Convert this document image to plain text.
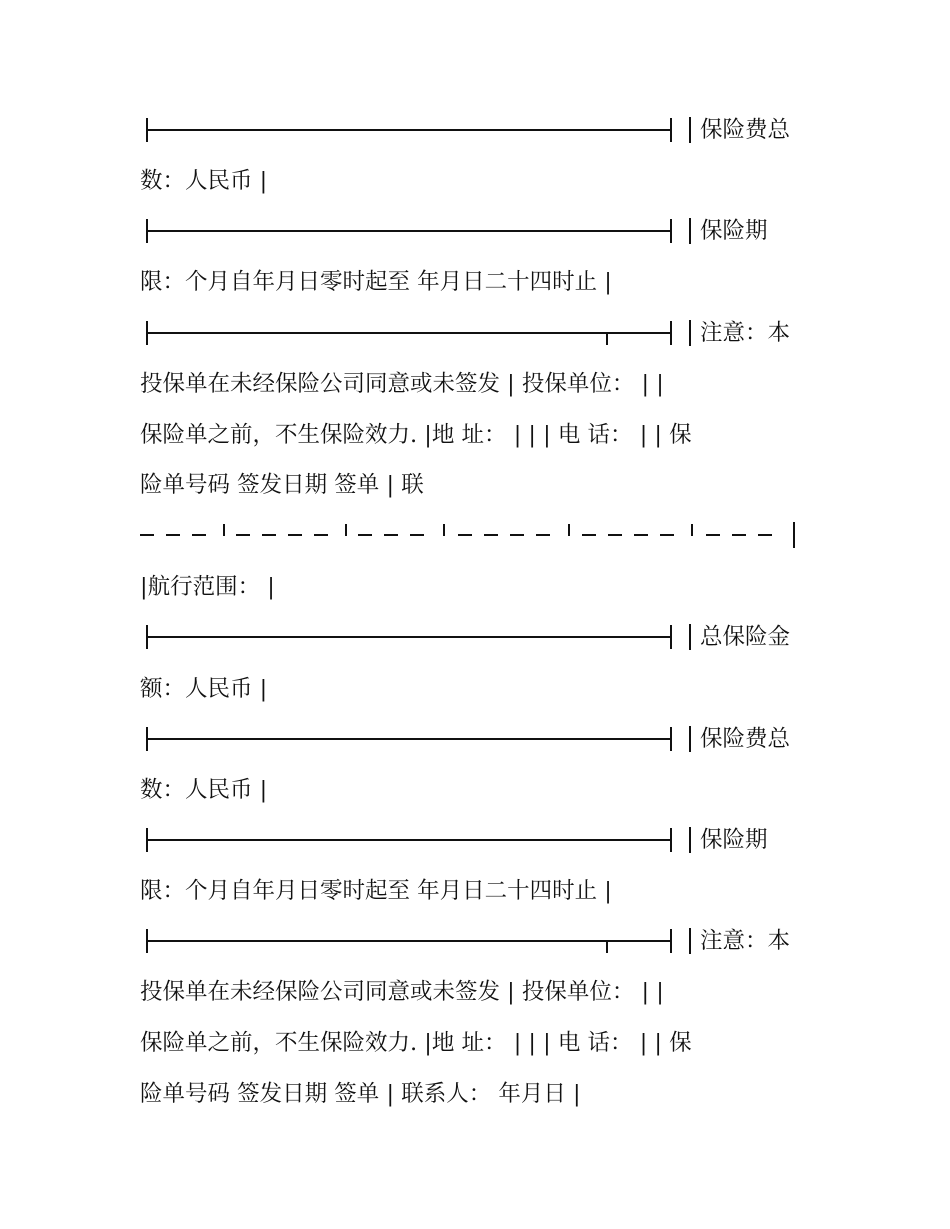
保险费总
数：人民币 |
保险期
限：个月自年月日零时起至 年月日二十四时止 |
注意：本
投保单在未经保险公司同意或未签发 | 投保单位： | |
保险单之前，不生保险效力. |地 址： | | | 电 话： | | 保
险单号码 签发日期 签单 | 联
|航行范围： |
总保险金
额：人民币 |
保险费总
数：人民币 |
保险期
限：个月自年月日零时起至 年月日二十四时止 |
注意：本
投保单在未经保险公司同意或未签发 | 投保单位： | |
保险单之前，不生保险效力. |地 址： | | | 电 话： | | 保
险单号码 签发日期 签单 | 联系人： 年月日 |
